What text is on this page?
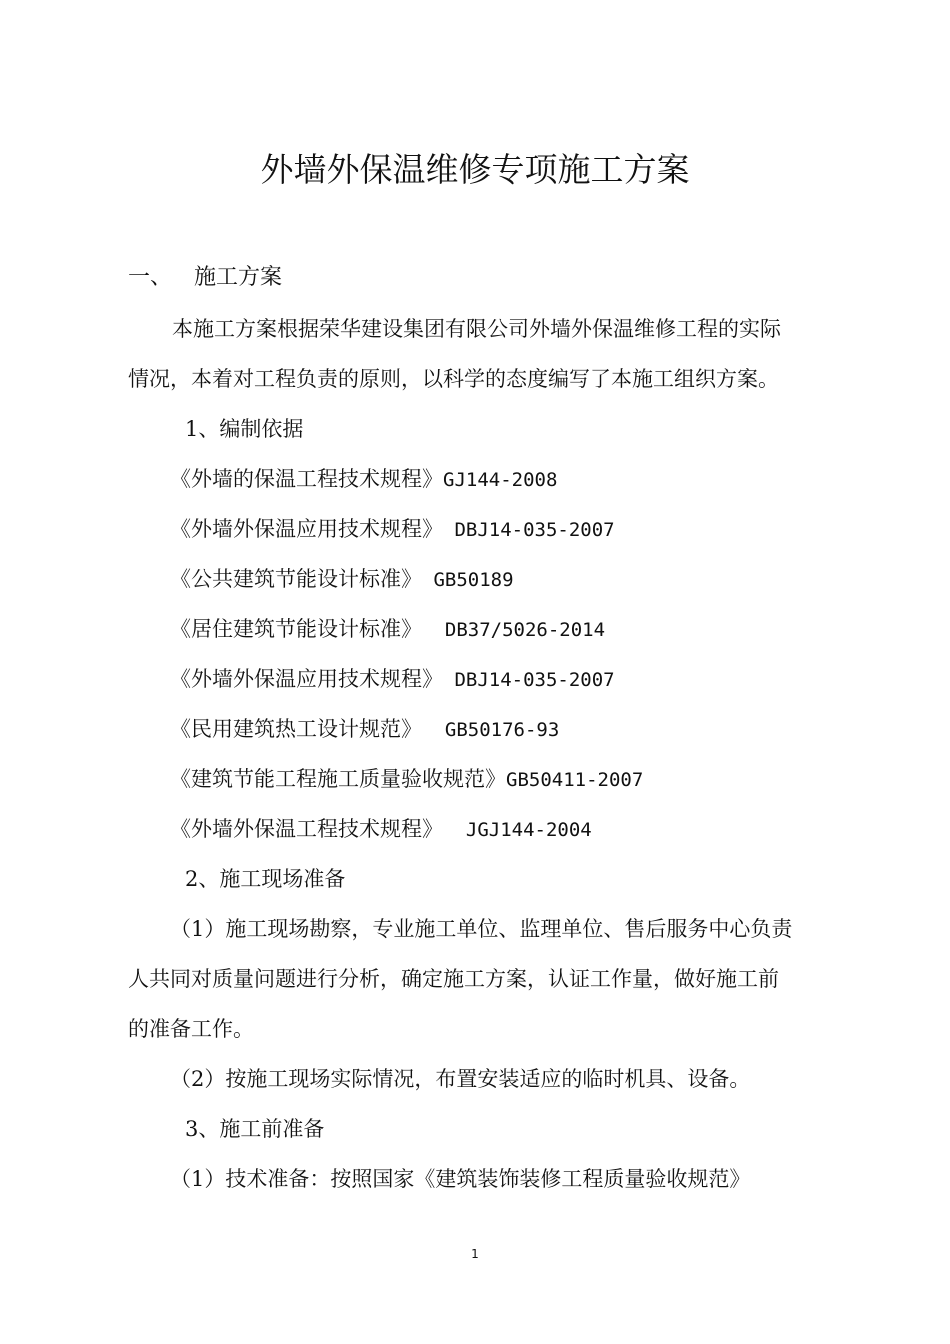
外墙外保温维修专项施工方案
一、 施工方案
本施工方案根据荣华建设集团有限公司外墙外保温维修工程的实际
情况，本着对工程负责的原则，以科学的态度编写了本施工组织方案。
1、编制依据
《外墙的保温工程技术规程》GJ144-2008
《外墙外保温应用技术规程》 DBJ14-035-2007
《公共建筑节能设计标准》 GB50189
《居住建筑节能设计标准》  DB37/5026-2014
《外墙外保温应用技术规程》 DBJ14-035-2007
《民用建筑热工设计规范》  GB50176-93
《建筑节能工程施工质量验收规范》GB50411-2007
《外墙外保温工程技术规程》  JGJ144-2004
2、施工现场准备
（1）施工现场勘察，专业施工单位、监理单位、售后服务中心负责
人共同对质量问题进行分析，确定施工方案，认证工作量，做好施工前
的准备工作。
（2）按施工现场实际情况，布置安装适应的临时机具、设备。
3、施工前准备
（1）技术准备：按照国家《建筑装饰装修工程质量验收规范》
1
